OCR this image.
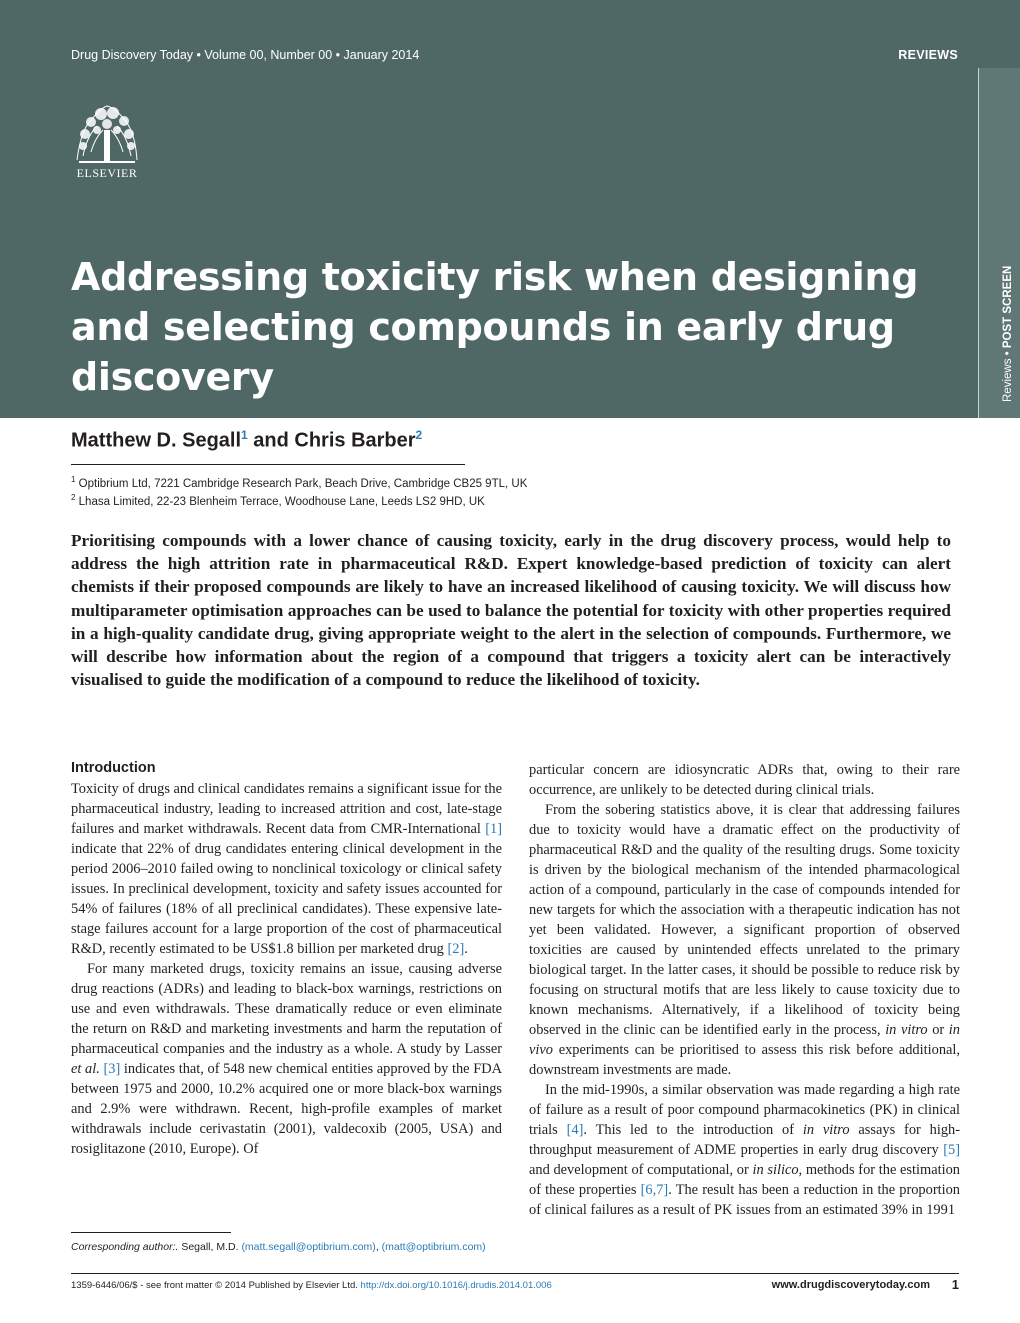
Drug Discovery Today • Volume 00, Number 00 • January 2014	REVIEWS
ELSEVIER
Reviews • POST SCREEN
Addressing toxicity risk when designing and selecting compounds in early drug discovery
Matthew D. Segall$^1$ and Chris Barber$^2$
$^1$ Optibrium Ltd, 7221 Cambridge Research Park, Beach Drive, Cambridge CB25 9TL, UK
$^2$ Lhasa Limited, 22-23 Blenheim Terrace, Woodhouse Lane, Leeds LS2 9HD, UK

Prioritising compounds with a lower chance of causing toxicity, early in the drug discovery process, would help to address the high attrition rate in pharmaceutical R&D. Expert knowledge-based prediction of toxicity can alert chemists if their proposed compounds are likely to have an increased likelihood of causing toxicity. We will discuss how multiparameter optimisation approaches can be used to balance the potential for toxicity with other properties required in a high-quality candidate drug, giving appropriate weight to the alert in the selection of compounds. Furthermore, we will describe how information about the region of a compound that triggers a toxicity alert can be interactively visualised to guide the modification of a compound to reduce the likelihood of toxicity.

Introduction

Toxicity of drugs and clinical candidates remains a significant issue for the pharmaceutical industry, leading to increased attrition and cost, late-stage failures and market withdrawals. Recent data from CMR-International [1] indicate that 22% of drug candidates entering clinical development in the period 2006–2010 failed owing to nonclinical toxicology or clinical safety issues. In preclinical development, toxicity and safety issues accounted for 54% of failures (18% of all preclinical candidates). These expensive late-stage failures account for a large proportion of the cost of pharmaceutical R&D, recently estimated to be US$1.8 billion per marketed drug [2].

For many marketed drugs, toxicity remains an issue, causing adverse drug reactions (ADRs) and leading to black-box warnings, restrictions on use and even withdrawals. These dramatically reduce or even eliminate the return on R&D and marketing investments and harm the reputation of pharmaceutical companies and the industry as a whole. A study by Lasser et al. [3] indicates that, of 548 new chemical entities approved by the FDA between 1975 and 2000, 10.2% acquired one or more black-box warnings and 2.9% were withdrawn. Recent, high-profile examples of market withdrawals include cerivastatin (2001), valdecoxib (2005, USA) and rosiglitazone (2010, Europe). Of

particular concern are idiosyncratic ADRs that, owing to their rare occurrence, are unlikely to be detected during clinical trials.

From the sobering statistics above, it is clear that addressing failures due to toxicity would have a dramatic effect on the productivity of pharmaceutical R&D and the quality of the resulting drugs. Some toxicity is driven by the biological mechanism of the intended pharmacological action of a compound, particularly in the case of compounds intended for new targets for which the association with a therapeutic indication has not yet been validated. However, a significant proportion of observed toxicities are caused by unintended effects unrelated to the primary biological target. In the latter cases, it should be possible to reduce risk by focusing on structural motifs that are less likely to cause toxicity due to known mechanisms. Alternatively, if a likelihood of toxicity being observed in the clinic can be identified early in the process, in vitro or in vivo experiments can be prioritised to assess this risk before additional, downstream investments are made.

In the mid-1990s, a similar observation was made regarding a high rate of failure as a result of poor compound pharmacokinetics (PK) in clinical trials [4]. This led to the introduction of in vitro assays for high-throughput measurement of ADME properties in early drug discovery [5] and development of computational, or in silico, methods for the estimation of these properties [6,7]. The result has been a reduction in the proportion of clinical failures as a result of PK issues from an estimated 39% in 1991

Corresponding author:. Segall, M.D. (matt.segall@optibrium.com), (matt@optibrium.com)
1359-6446/06/$ - see front matter © 2014 Published by Elsevier Ltd. http://dx.doi.org/10.1016/j.drudis.2014.01.006	www.drugdiscoverytoday.com 1
